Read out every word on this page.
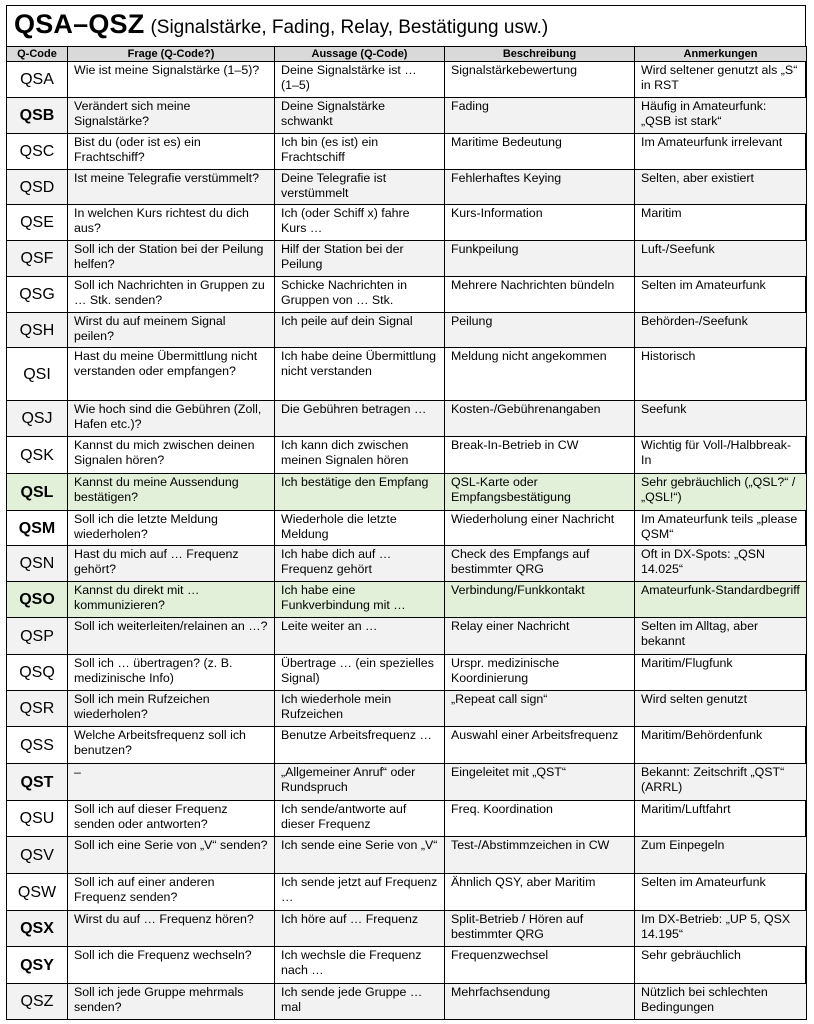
QSA–QSZ (Signalstärke, Fading, Relay, Bestätigung usw.)
Q-Code	Frage (Q-Code?)	Aussage (Q-Code)	Beschreibung	Anmerkungen
QSA	Wie ist meine Signalstärke (1–5)?	Deine Signalstärke ist … (1–5)	Signalstärkebewertung	Wird seltener genutzt als „S“ in RST
QSB	Verändert sich meine Signalstärke?	Deine Signalstärke schwankt	Fading	Häufig in Amateurfunk: „QSB ist stark“
QSC	Bist du (oder ist es) ein Frachtschiff?	Ich bin (es ist) ein Frachtschiff	Maritime Bedeutung	Im Amateurfunk irrelevant
QSD	Ist meine Telegrafie verstümmelt?	Deine Telegrafie ist verstümmelt	Fehlerhaftes Keying	Selten, aber existiert
QSE	In welchen Kurs richtest du dich aus?	Ich (oder Schiff x) fahre Kurs …	Kurs-Information	Maritim
QSF	Soll ich der Station bei der Peilung helfen?	Hilf der Station bei der Peilung	Funkpeilung	Luft-/Seefunk
QSG	Soll ich Nachrichten in Gruppen zu … Stk. senden?	Schicke Nachrichten in Gruppen von … Stk.	Mehrere Nachrichten bündeln	Selten im Amateurfunk
QSH	Wirst du auf meinem Signal peilen?	Ich peile auf dein Signal	Peilung	Behörden-/Seefunk
QSI	Hast du meine Übermittlung nicht verstanden oder empfangen?	Ich habe deine Übermittlung nicht verstanden	Meldung nicht angekommen	Historisch
QSJ	Wie hoch sind die Gebühren (Zoll, Hafen etc.)?	Die Gebühren betragen …	Kosten-/Gebührenangaben	Seefunk
QSK	Kannst du mich zwischen deinen Signalen hören?	Ich kann dich zwischen meinen Signalen hören	Break-In-Betrieb in CW	Wichtig für Voll-/Halbbreak-In
QSL	Kannst du meine Aussendung bestätigen?	Ich bestätige den Empfang	QSL-Karte oder Empfangsbestätigung	Sehr gebräuchlich („QSL?“ / „QSL!“)
QSM	Soll ich die letzte Meldung wiederholen?	Wiederhole die letzte Meldung	Wiederholung einer Nachricht	Im Amateurfunk teils „please QSM“
QSN	Hast du mich auf … Frequenz gehört?	Ich habe dich auf … Frequenz gehört	Check des Empfangs auf bestimmter QRG	Oft in DX-Spots: „QSN 14.025“
QSO	Kannst du direkt mit … kommunizieren?	Ich habe eine Funkverbindung mit …	Verbindung/Funkkontakt	Amateurfunk-Standardbegriff
QSP	Soll ich weiterleiten/relainen an …?	Leite weiter an …	Relay einer Nachricht	Selten im Alltag, aber bekannt
QSQ	Soll ich … übertragen? (z. B. medizinische Info)	Übertrage … (ein spezielles Signal)	Urspr. medizinische Koordinierung	Maritim/Flugfunk
QSR	Soll ich mein Rufzeichen wiederholen?	Ich wiederhole mein Rufzeichen	„Repeat call sign“	Wird selten genutzt
QSS	Welche Arbeitsfrequenz soll ich benutzen?	Benutze Arbeitsfrequenz …	Auswahl einer Arbeitsfrequenz	Maritim/Behördenfunk
QST	–	„Allgemeiner Anruf“ oder Rundspruch	Eingeleitet mit „QST“	Bekannt: Zeitschrift „QST“ (ARRL)
QSU	Soll ich auf dieser Frequenz senden oder antworten?	Ich sende/antworte auf dieser Frequenz	Freq. Koordination	Maritim/Luftfahrt
QSV	Soll ich eine Serie von „V“ senden?	Ich sende eine Serie von „V“	Test-/Abstimmzeichen in CW	Zum Einpegeln
QSW	Soll ich auf einer anderen Frequenz senden?	Ich sende jetzt auf Frequenz …	Ähnlich QSY, aber Maritim	Selten im Amateurfunk
QSX	Wirst du auf … Frequenz hören?	Ich höre auf … Frequenz	Split-Betrieb / Hören auf bestimmter QRG	Im DX-Betrieb: „UP 5, QSX 14.195“
QSY	Soll ich die Frequenz wechseln?	Ich wechsle die Frequenz nach …	Frequenzwechsel	Sehr gebräuchlich
QSZ	Soll ich jede Gruppe mehrmals senden?	Ich sende jede Gruppe … mal	Mehrfachsendung	Nützlich bei schlechten Bedingungen
